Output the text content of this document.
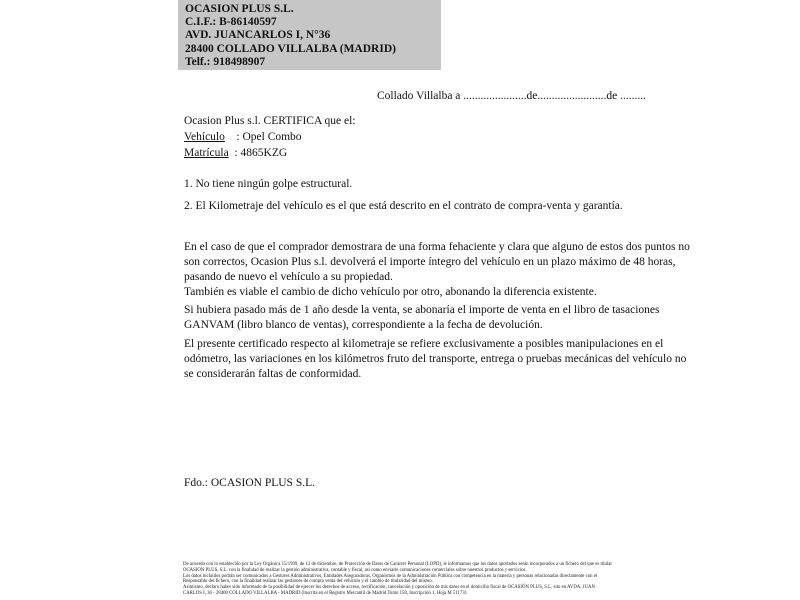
OCASION PLUS S.L.
C.I.F.: B-86140597
AVD. JUANCARLOS I, N°36
28400 COLLADO VILLALBA (MADRID)
Telf.: 918498907
Collado Villalba a ......................de........................de .........
Ocasion Plus s.l. CERTIFICA que el:
Vehículo    : Opel Combo
Matrícula  : 4865KZG
1. No tiene ningún golpe estructural.
2. El Kilometraje del vehículo es el que está descrito en el contrato de compra-venta y garantía.
En el caso de que el comprador demostrara de una forma fehaciente y clara que alguno de estos dos puntos no
son correctos, Ocasion Plus s.l. devolverá el importe íntegro del vehículo en un plazo máximo de 48 horas,
pasando de nuevo el vehículo a su propiedad.
También es viable el cambio de dicho vehículo por otro, abonando la diferencia existente.
Si hubiera pasado más de 1 año desde la venta, se abonaría el importe de venta en el libro de tasaciones
GANVAM (libro blanco de ventas), correspondiente a la fecha de devolución.
El presente certificado respecto al kilometraje se refiere exclusivamente a posibles manipulaciones en el
odómetro, las variaciones en los kilómetros fruto del transporte, entrega o pruebas mecánicas del vehículo no
se considerarán faltas de conformidad.
Fdo.: OCASION PLUS S.L.
De acuerdo con lo establecido por la Ley Orgánica 15/1999, de 13 de diciembre, de Protección de Datos de Carácter Personal (LOPD), le informamos que los datos aportados serán incorporados a un fichero del que es titular OCASION PLUS, S.L. con la finalidad de realizar la gestión administrativa, contable y fiscal, así como enviarle comunicaciones comerciales sobre nuestros productos y servicios.
Los datos incluidos podrán ser comunicados a Gestores Administrativos, Entidades Aseguradoras, Organismos de la Administración Pública con competencia en la materia y personas relacionadas directamente con el Responsable del fichero, con la finalidad realizar las gestiones de compra venta del vehículo y el cambio de titularidad del mismo.
Asimismo, declaro haber sido informado de la posibilidad de ejercer los derechos de acceso, rectificación, cancelación y oposición de mis datos en el domicilio fiscal de OCASIÓN PLUS, S.L. sito en AVDA. JUAN CARLOS I, 36 - 28400 COLLADO VILLALBA - MADRID (Inscrita en el Registro Mercantil de Madrid Tomo 150, Inscripción 1, Hoja M 511731
